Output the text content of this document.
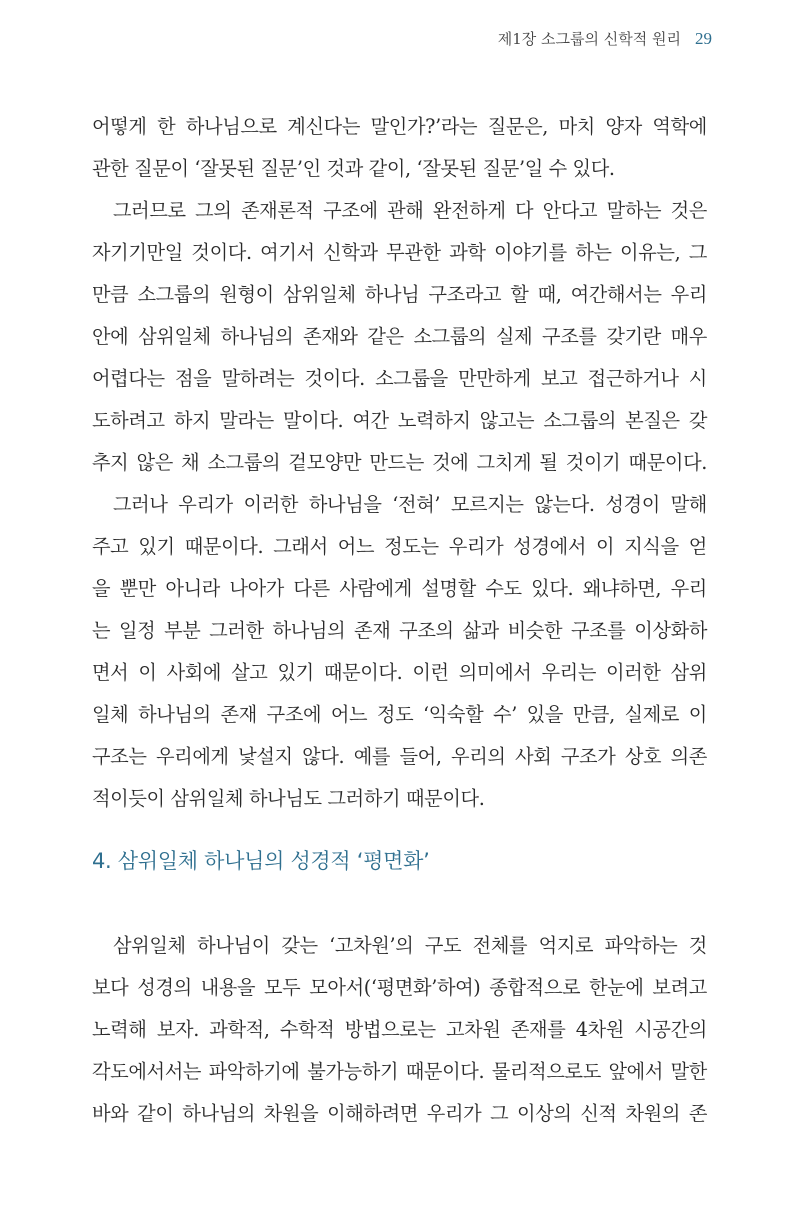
제1장 소그룹의 신학적 원리 29
어떻게 한 하나님으로 계신다는 말인가?’라는 질문은, 마치 양자 역학에
관한 질문이 ‘잘못된 질문’인 것과 같이, ‘잘못된 질문’일 수 있다.
그러므로 그의 존재론적 구조에 관해 완전하게 다 안다고 말하는 것은
자기기만일 것이다. 여기서 신학과 무관한 과학 이야기를 하는 이유는, 그
만큼 소그룹의 원형이 삼위일체 하나님 구조라고 할 때, 여간해서는 우리
안에 삼위일체 하나님의 존재와 같은 소그룹의 실제 구조를 갖기란 매우
어렵다는 점을 말하려는 것이다. 소그룹을 만만하게 보고 접근하거나 시
도하려고 하지 말라는 말이다. 여간 노력하지 않고는 소그룹의 본질은 갖
추지 않은 채 소그룹의 겉모양만 만드는 것에 그치게 될 것이기 때문이다.
그러나 우리가 이러한 하나님을 ‘전혀’ 모르지는 않는다. 성경이 말해
주고 있기 때문이다. 그래서 어느 정도는 우리가 성경에서 이 지식을 얻
을 뿐만 아니라 나아가 다른 사람에게 설명할 수도 있다. 왜냐하면, 우리
는 일정 부분 그러한 하나님의 존재 구조의 삶과 비슷한 구조를 이상화하
면서 이 사회에 살고 있기 때문이다. 이런 의미에서 우리는 이러한 삼위
일체 하나님의 존재 구조에 어느 정도 ‘익숙할 수’ 있을 만큼, 실제로 이
구조는 우리에게 낯설지 않다. 예를 들어, 우리의 사회 구조가 상호 의존
적이듯이 삼위일체 하나님도 그러하기 때문이다.
4. 삼위일체 하나님의 성경적 ‘평면화’
삼위일체 하나님이 갖는 ‘고차원’의 구도 전체를 억지로 파악하는 것
보다 성경의 내용을 모두 모아서(‘평면화’하여) 종합적으로 한눈에 보려고
노력해 보자. 과학적, 수학적 방법으로는 고차원 존재를 4차원 시공간의
각도에서서는 파악하기에 불가능하기 때문이다. 물리적으로도 앞에서 말한
바와 같이 하나님의 차원을 이해하려면 우리가 그 이상의 신적 차원의 존
